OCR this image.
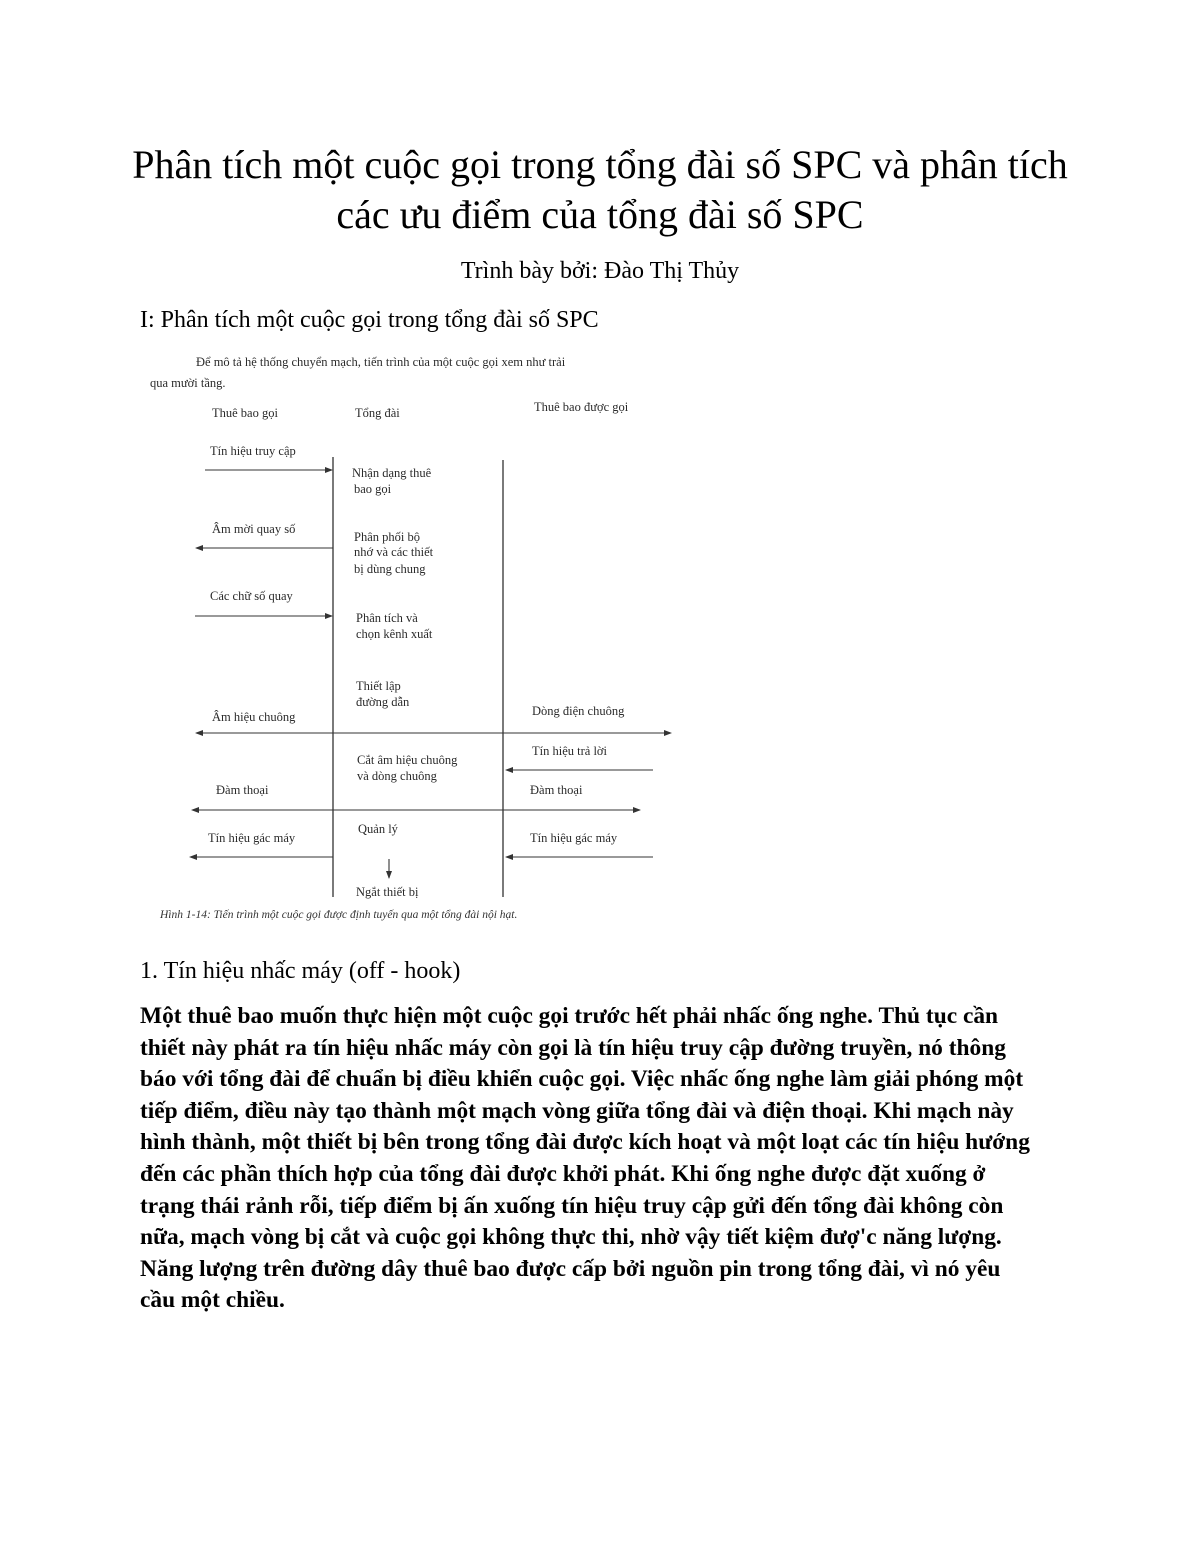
Phân tích một cuộc gọi trong tổng đài số SPC và phân tích
các ưu điểm của tổng đài số SPC

Trình bày bởi: Đào Thị Thủy

I: Phân tích một cuộc gọi trong tổng đài số SPC
Để mô tả hệ thống chuyển mạch, tiến trình của một cuộc gọi xem như trải
qua mười tầng.
Thuê bao gọi	Tổng đài	Thuê bao được gọi
Tín hiệu truy cập
Âm mời quay số
Các chữ số quay
Âm hiệu chuông
Đàm thoại
Tín hiệu gác máy
Nhận dạng thuê
bao gọi
Phân phối bộ
nhớ và các thiết
bị dùng chung
Phân tích và
chọn kênh xuất
Thiết lập
đường dẫn
Cắt âm hiệu chuông
và dòng chuông
Quản lý
Ngắt thiết bị
Dòng điện chuông
Tín hiệu trả lời
Đàm thoại
Tín hiệu gác máy
Hình 1-14: Tiến trình một cuộc gọi được định tuyến qua một tổng đài nội hạt.
1. Tín hiệu nhấc máy (off - hook)
Một thuê bao muốn thực hiện một cuộc gọi trước hết phải nhấc ống nghe. Thủ tục cần
thiết này phát ra tín hiệu nhấc máy còn gọi là tín hiệu truy cập đường truyền, nó thông
báo với tổng đài để chuẩn bị điều khiển cuộc gọi. Việc nhấc ống nghe làm giải phóng một
tiếp điểm, điều này tạo thành một mạch vòng giữa tổng đài và điện thoại. Khi mạch này
hình thành, một thiết bị bên trong tổng đài được kích hoạt và một loạt các tín hiệu hướng
đến các phần thích hợp của tổng đài được khởi phát. Khi ống nghe được đặt xuống ở
trạng thái rảnh rỗi, tiếp điểm bị ấn xuống tín hiệu truy cập gửi đến tổng đài không còn
nữa, mạch vòng bị cắt và cuộc gọi không thực thi, nhờ vậy tiết kiệm đượ'c năng lượng.
Năng lượng trên đường dây thuê bao được cấp bởi nguồn pin trong tổng đài, vì nó yêu
cầu một chiều.
